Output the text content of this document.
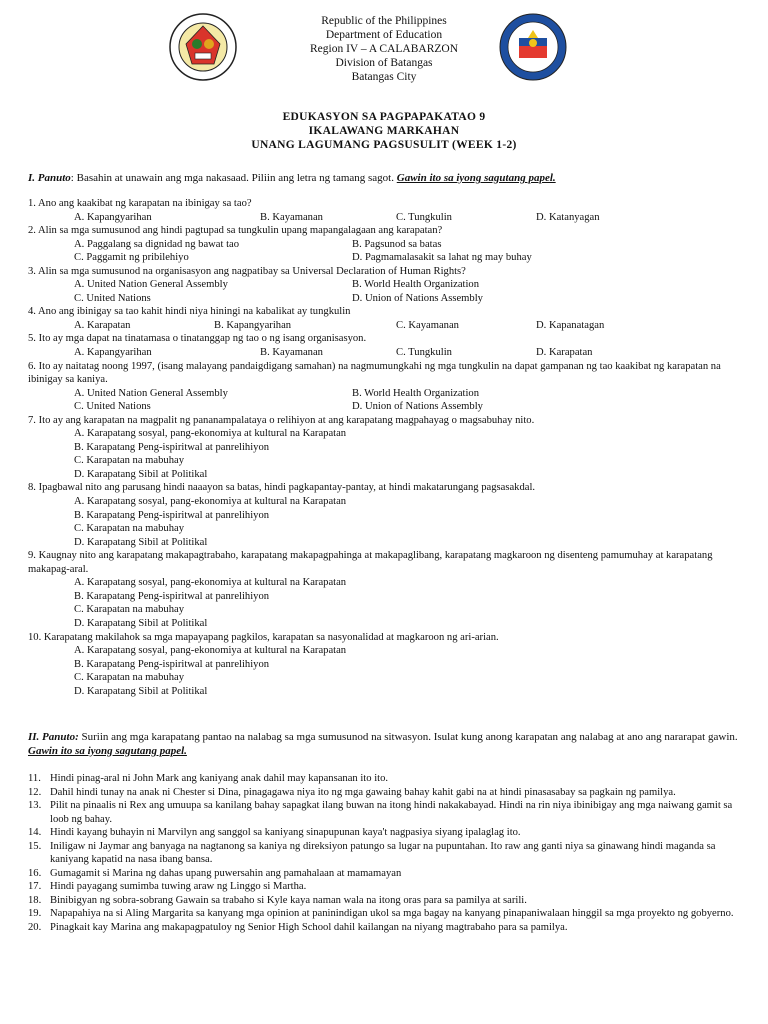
Republic of the Philippines
Department of Education
Region IV – A CALABARZON
Division of Batangas
Batangas City
EDUKASYON SA PAGPAPAKATAO 9
IKALAWANG MARKAHAN
UNANG LAGUMANG PAGSUSULIT (WEEK 1-2)
I. Panuto: Basahin at unawain ang mga nakasaad. Piliin ang letra ng tamang sagot. Gawin ito sa iyong sagutang papel.
1. Ano ang kaakibat ng karapatan na ibinigay sa tao?
A. Kapangyarihan	B. Kayamanan	C. Tungkulin	D. Katanyagan
2. Alin sa mga sumusunod ang hindi pagtupad sa tungkulin upang mapangalagaan ang karapatan?
A. Paggalang sa dignidad ng bawat tao	B. Pagsunod sa batas
C. Paggamit ng pribilehiyo	D. Pagmamalasakit sa lahat ng may buhay
3. Alin sa mga sumusunod na organisasyon ang nagpatibay sa Universal Declaration of Human Rights?
A. United Nation General Assembly	B. World Health Organization
C. United Nations	D. Union of Nations Assembly
4. Ano ang ibinigay sa tao kahit hindi niya hiningi na kabalikat ay tungkulin
A. Karapatan	B. Kapangyarihan	C. Kayamanan	D. Kapanatagan
5. Ito ay mga dapat na tinatamasa o tinatanggap ng tao o ng isang organisasyon.
A. Kapangyarihan	B. Kayamanan	C. Tungkulin	D. Karapatan
6. Ito ay naitatag noong 1997, (isang malayang pandaigdigang samahan) na nagmumungkahi ng mga tungkulin na dapat gampanan ng tao kaakibat ng karapatan na ibinigay sa kaniya.
A. United Nation General Assembly	B. World Health Organization
C. United Nations	D. Union of Nations Assembly
7. Ito ay ang karapatan na magpalit ng pananampalataya o relihiyon at ang karapatang magpahayag o magsabuhay nito.
A. Karapatang sosyal, pang-ekonomiya at kultural na Karapatan
B. Karapatang Peng-ispiritwal at panrelihiyon
C. Karapatan na mabuhay
D. Karapatang Sibil at Politikal
8. Ipagbawal nito ang parusang hindi naaayon sa batas, hindi pagkapantay-pantay, at hindi makatarungang pagsasakdal.
A. Karapatang sosyal, pang-ekonomiya at kultural na Karapatan
B. Karapatang Peng-ispiritwal at panrelihiyon
C. Karapatan na mabuhay
D. Karapatang Sibil at Politikal
9. Kaugnay nito ang karapatang makapagtrabaho, karapatang makapagpahinga at makapaglibang, karapatang magkaroon ng disenteng pamumuhay at karapatang makapag-aral.
A. Karapatang sosyal, pang-ekonomiya at kultural na Karapatan
B. Karapatang Peng-ispiritwal at panrelihiyon
C. Karapatan na mabuhay
D. Karapatang Sibil at Politikal
10. Karapatang makilahok sa mga mapayapang pagkilos, karapatan sa nasyonalidad at magkaroon ng ari-arian.
A. Karapatang sosyal, pang-ekonomiya at kultural na Karapatan
B. Karapatang Peng-ispiritwal at panrelihiyon
C. Karapatan na mabuhay
D. Karapatang Sibil at Politikal
II. Panuto: Suriin ang mga karapatang pantao na nalabag sa mga sumusunod na sitwasyon. Isulat kung anong karapatan ang nalabag at ano ang nararapat gawin. Gawin ito sa iyong sagutang papel.
11. Hindi pinag-aral ni John Mark ang kaniyang anak dahil may kapansanan ito ito.
12. Dahil hindi tunay na anak ni Chester si Dina, pinagagawa niya ito ng mga gawaing bahay kahit gabi na at hindi pinasasabay sa pagkain ng pamilya.
13. Pilit na pinaalis ni Rex ang umuupa sa kanilang bahay sapagkat ilang buwan na itong hindi nakakabayad. Hindi na rin niya ibinibigay ang mga naiwang gamit sa loob ng bahay.
14. Hindi kayang buhayin ni Marvilyn ang sanggol sa kaniyang sinapupunan kaya't nagpasiya siyang ipalaglag ito.
15. Iniligaw ni Jaymar ang banyaga na nagtanong sa kaniya ng direksiyon patungo sa lugar na pupuntahan. Ito raw ang ganti niya sa ginawang hindi maganda sa kaniyang kapatid na nasa ibang bansa.
16. Gumagamit si Marina ng dahas upang puwersahin ang pamahalaan at mamamayan
17. Hindi payagang sumimba tuwing araw ng Linggo si Martha.
18. Binibigyan ng sobra-sobrang Gawain sa trabaho si Kyle kaya naman wala na itong oras para sa pamilya at sarili.
19. Napapahiya na si Aling Margarita sa kanyang mga opinion at paninindigan ukol sa mga bagay na kanyang pinapaniwalaan hinggil sa mga proyekto ng gobyerno.
20. Pinagkait kay Marina ang makapagpatuloy ng Senior High School dahil kailangan na niyang magtrabaho para sa pamilya.
